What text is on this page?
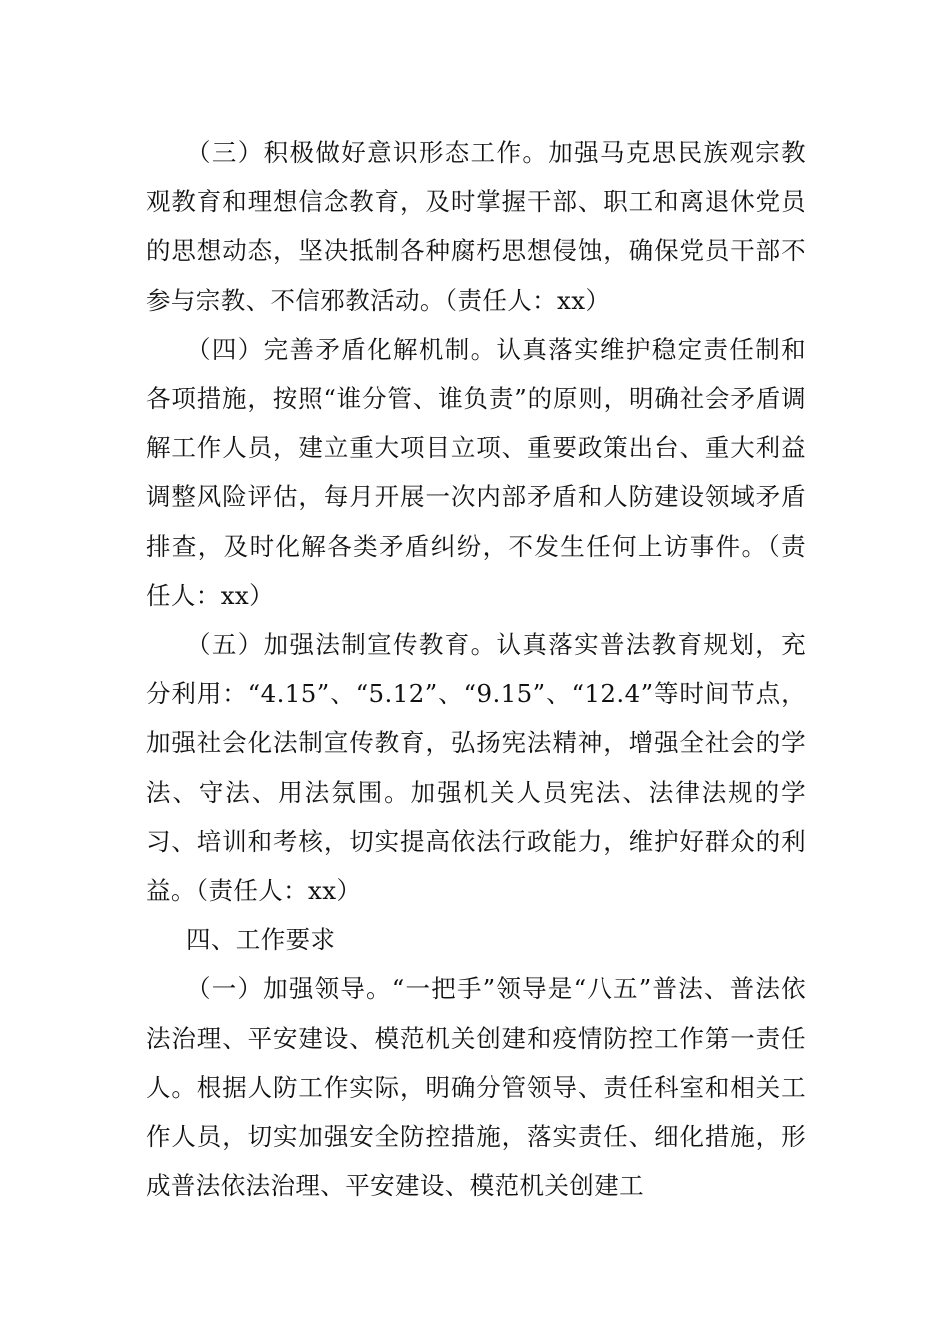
（三）积极做好意识形态工作。加强马克思民族观宗教观教育和理想信念教育，及时掌握干部、职工和离退休党员的思想动态，坚决抵制各种腐朽思想侵蚀，确保党员干部不参与宗教、不信邪教活动。（责任人：xx）

（四）完善矛盾化解机制。认真落实维护稳定责任制和各项措施，按照“谁分管、谁负责”的原则，明确社会矛盾调解工作人员，建立重大项目立项、重要政策出台、重大利益调整风险评估，每月开展一次内部矛盾和人防建设领域矛盾排查，及时化解各类矛盾纠纷，不发生任何上访事件。（责任人：xx）

（五）加强法制宣传教育。认真落实普法教育规划，充分利用：“4.15”、“5.12”、“9.15”、“12.4”等时间节点，加强社会化法制宣传教育，弘扬宪法精神，增强全社会的学法、守法、用法氛围。加强机关人员宪法、法律法规的学习、培训和考核，切实提高依法行政能力，维护好群众的利益。（责任人：xx）

四、工作要求

（一）加强领导。“一把手”领导是“八五”普法、普法依法治理、平安建设、模范机关创建和疫情防控工作第一责任人。根据人防工作实际，明确分管领导、责任科室和相关工作人员，切实加强安全防控措施，落实责任、细化措施，形成普法依法治理、平安建设、模范机关创建工
